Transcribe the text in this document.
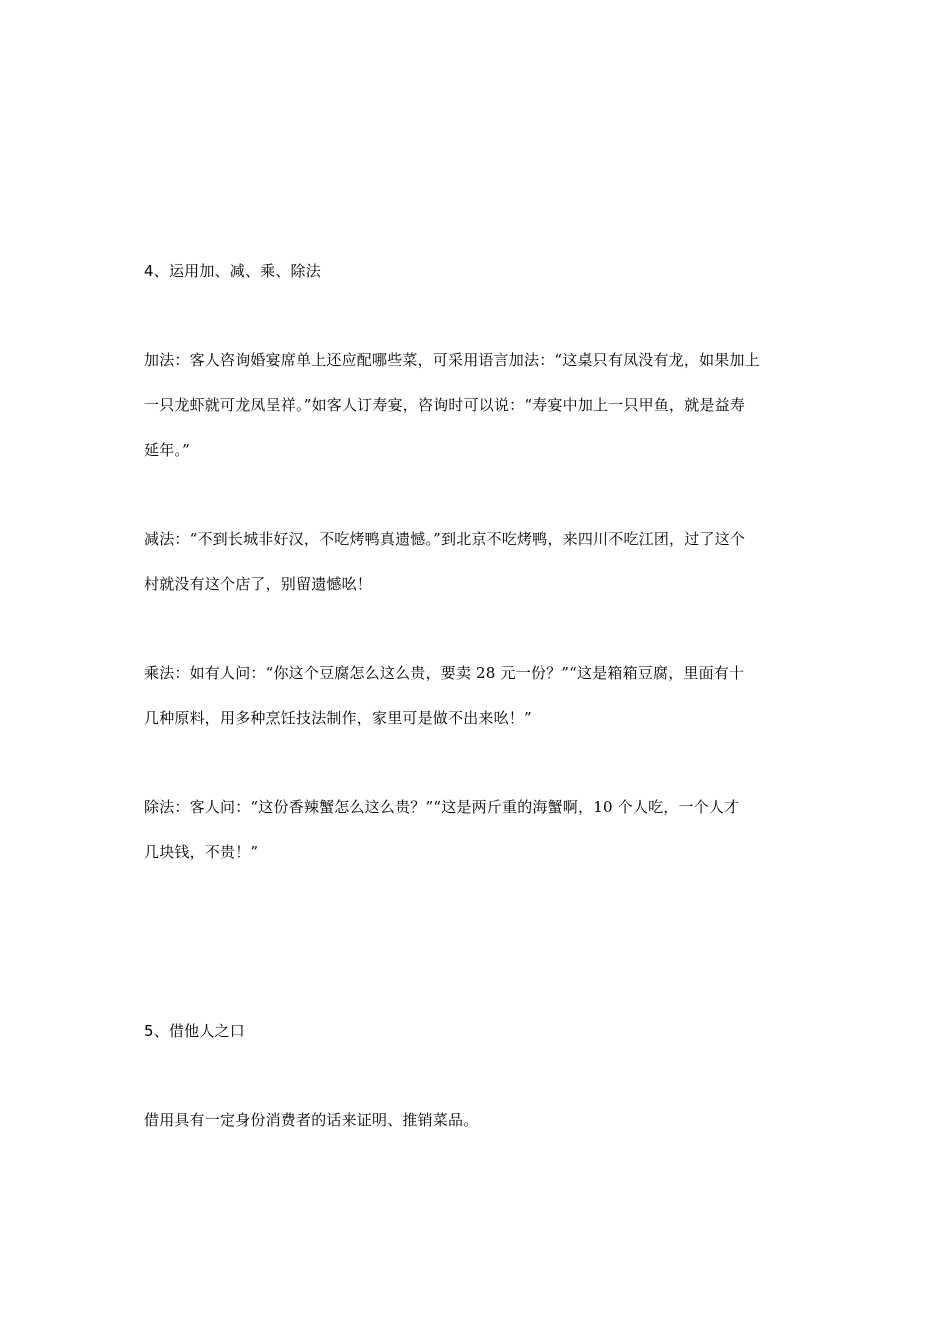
4、运用加、减、乘、除法
加法：客人咨询婚宴席单上还应配哪些菜，可采用语言加法：“这桌只有凤没有龙，如果加上
一只龙虾就可龙凤呈祥。”如客人订寿宴，咨询时可以说：“寿宴中加上一只甲鱼，就是益寿
延年。”
减法：“不到长城非好汉，不吃烤鸭真遗憾。”到北京不吃烤鸭，来四川不吃江团，过了这个
村就没有这个店了，别留遗憾吆！
乘法：如有人问：“你这个豆腐怎么这么贵，要卖 28 元一份？”“这是箱箱豆腐，里面有十
几种原料，用多种烹饪技法制作，家里可是做不出来吆！”
除法：客人问：“这份香辣蟹怎么这么贵？”“这是两斤重的海蟹啊，10 个人吃，一个人才
几块钱，不贵！”
5、借他人之口
借用具有一定身份消费者的话来证明、推销菜品。
